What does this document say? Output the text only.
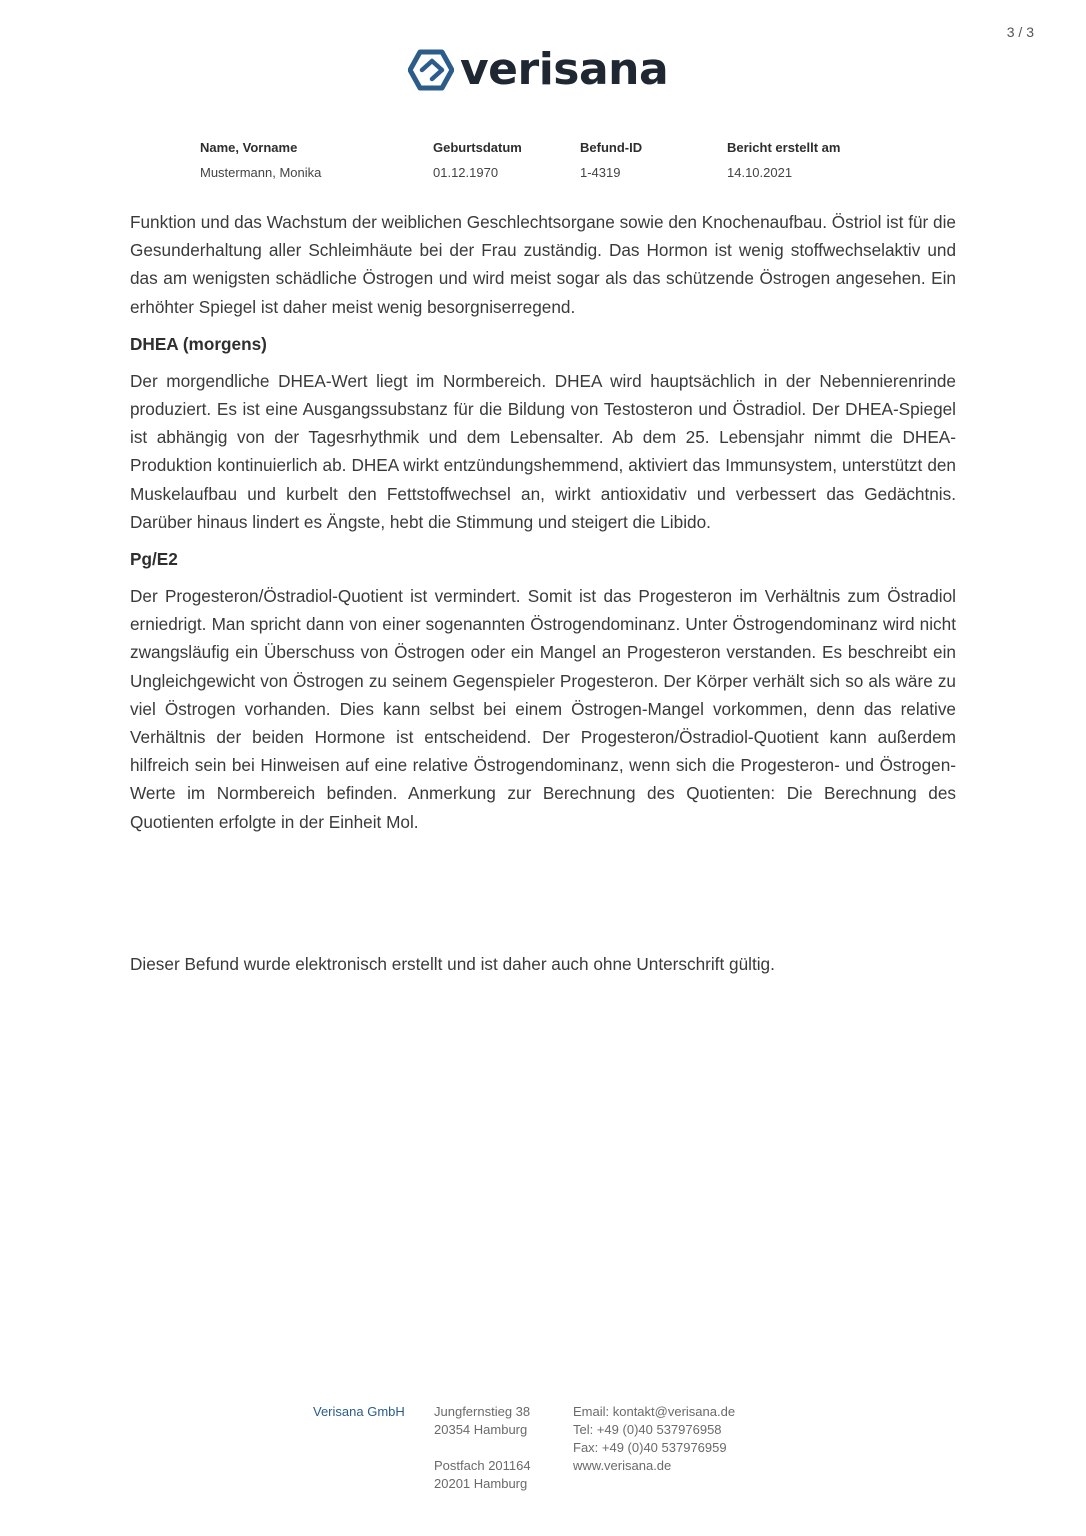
3 / 3
verisana
Name, Vorname	Geburtsdatum	Befund-ID	Bericht erstellt am
Mustermann, Monika	01.12.1970	1-4319	14.10.2021

Funktion und das Wachstum der weiblichen Geschlechtsorgane sowie den Knochenaufbau. Östriol ist für die Gesunderhaltung aller Schleimhäute bei der Frau zuständig. Das Hormon ist wenig stoffwechselaktiv und das am wenigsten schädliche Östrogen und wird meist sogar als das schützende Östrogen angesehen. Ein erhöhter Spiegel ist daher meist wenig besorgniserregend.

DHEA (morgens)

Der morgendliche DHEA-Wert liegt im Normbereich. DHEA wird hauptsächlich in der Nebennierenrinde produziert. Es ist eine Ausgangssubstanz für die Bildung von Testosteron und Östradiol. Der DHEA-Spiegel ist abhängig von der Tagesrhythmik und dem Lebensalter. Ab dem 25. Lebensjahr nimmt die DHEA-Produktion kontinuierlich ab. DHEA wirkt entzündungshemmend, aktiviert das Immunsystem, unterstützt den Muskelaufbau und kurbelt den Fettstoffwechsel an, wirkt antioxidativ und verbessert das Gedächtnis. Darüber hinaus lindert es Ängste, hebt die Stimmung und steigert die Libido.

Pg/E2

Der Progesteron/Östradiol-Quotient ist vermindert. Somit ist das Progesteron im Verhältnis zum Östradiol erniedrigt. Man spricht dann von einer sogenannten Östrogendominanz. Unter Östrogendominanz wird nicht zwangsläufig ein Überschuss von Östrogen oder ein Mangel an Progesteron verstanden. Es beschreibt ein Ungleichgewicht von Östrogen zu seinem Gegenspieler Progesteron. Der Körper verhält sich so als wäre zu viel Östrogen vorhanden. Dies kann selbst bei einem Östrogen-Mangel vorkommen, denn das relative Verhältnis der beiden Hormone ist entscheidend. Der Progesteron/Östradiol-Quotient kann außerdem hilfreich sein bei Hinweisen auf eine relative Östrogendominanz, wenn sich die Progesteron- und Östrogen-Werte im Normbereich befinden. Anmerkung zur Berechnung des Quotienten: Die Berechnung des Quotienten erfolgte in der Einheit Mol.

Dieser Befund wurde elektronisch erstellt und ist daher auch ohne Unterschrift gültig.
Verisana GmbH	Jungfernstieg 38
20354 Hamburg
Postfach 201164
20201 Hamburg
Email: kontakt@verisana.de
Tel: +49 (0)40 537976958
Fax: +49 (0)40 537976959
www.verisana.de
